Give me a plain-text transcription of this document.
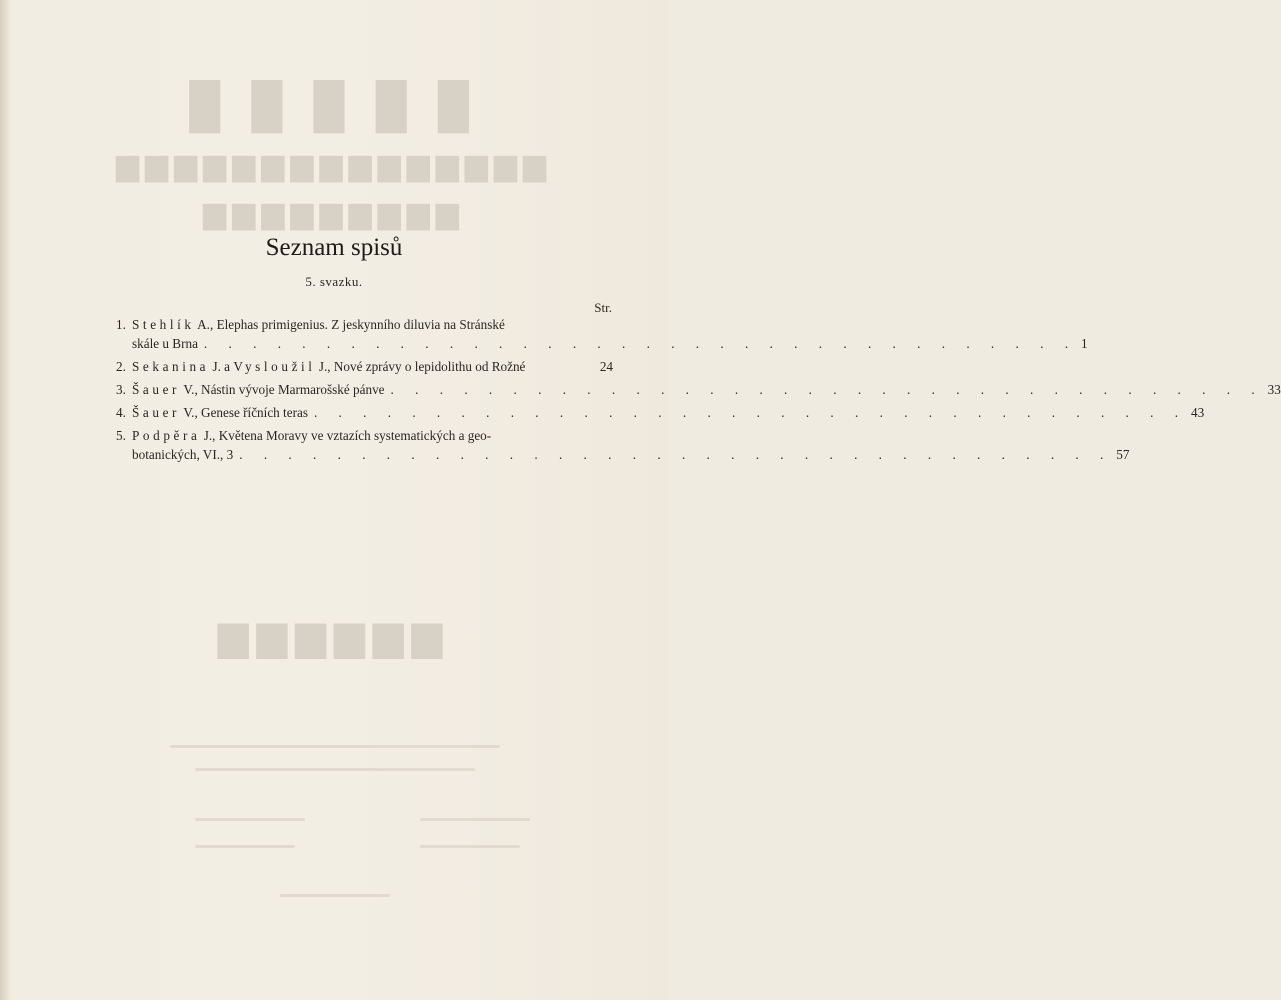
█ █ █ █ █
▆▆▆▆▆▆▆▆▆▆▆▆▆▆▆
▆▆▆▆▆▆▆▆▆
▆▆▆▆▆▆
Seznam spisů
5. svazku.
Str.
1. Stehlík A., Elephas primigenius. Z jeskynního diluvia na Stránské
skále u Brna . . . . . . . . . . . . . . . . . . . . . . . . . . . . . . . . . . . . 1
2. Sekanina
J. a
Vysloužil
J., Nové zprávy o lepidolithu od Rožné	24
3. Šauer
V., Nástin vývoje Marmarošské pánve . . . . . . . . . . . . . . . . . . . . . . . . . . . . . . . . . . . . 33
4. Šauer
V., Genese říčních teras . . . . . . . . . . . . . . . . . . . . . . . . . . . . . . . . . . . . 43
5. Podpěra J., Květena Moravy ve vztazích systematických a geo-
botanických, VI., 3 . . . . . . . . . . . . . . . . . . . . . . . . . . . . . . . . . . . . 57
